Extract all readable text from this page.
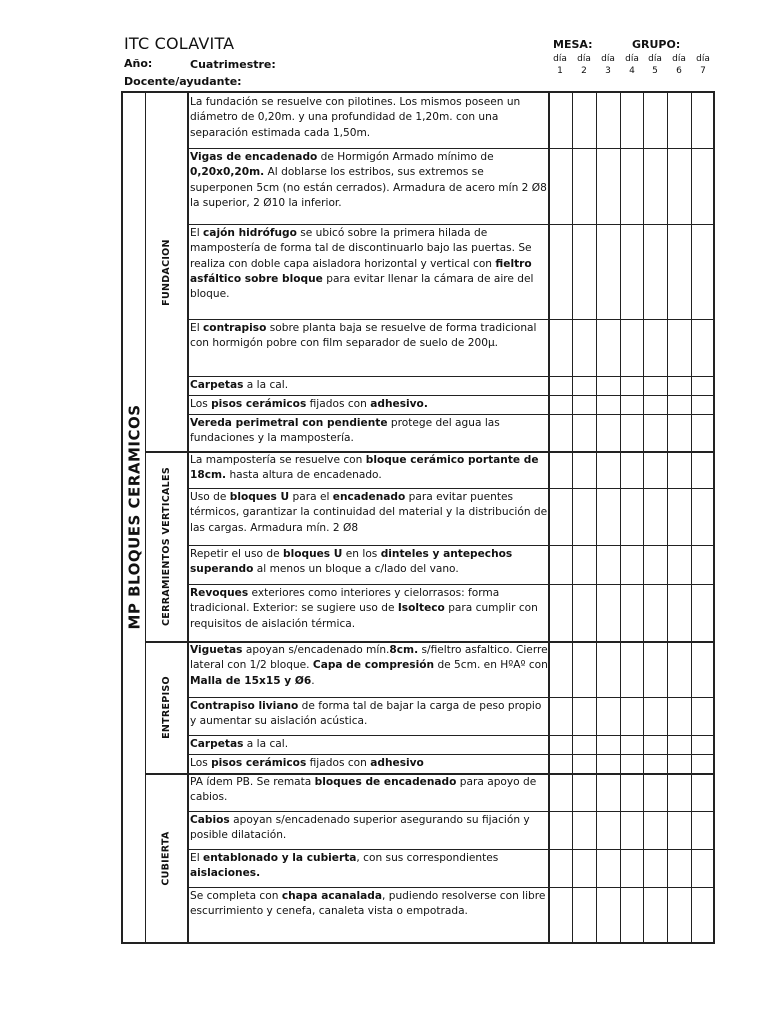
ITC COLAVITA
Año:	Cuatrimestre:
Docente/ayudante:
MESA:	GRUPO:
día
1
día
2
día
3
día
4
día
5
día
6
día
7
MP BLOQUES CERAMICOS
FUNDACION
CERRAMIENTOS VERTICALES
ENTREPISO
CUBIERTA
La fundación se resuelve con pilotines. Los mismos poseen un diámetro de 0,20m. y una profundidad de 1,20m. con una separación estimada cada 1,50m.
Vigas de encadenado de Hormigón Armado mínimo de 0,20x0,20m. Al doblarse los estribos, sus extremos se superponen 5cm (no están cerrados). Armadura de acero mín 2 Ø8 la superior, 2 Ø10 la inferior.
El cajón hidrófugo se ubicó sobre la primera hilada de mampostería de forma tal de discontinuarlo bajo las puertas. Se realiza con doble capa aisladora horizontal y vertical con fieltro asfáltico sobre bloque para evitar llenar la cámara de aire del bloque.
El contrapiso sobre planta baja se resuelve de forma tradicional con hormigón pobre con film separador de suelo de 200µ.
Carpetas a la cal.
Los pisos cerámicos fijados con adhesivo.
Vereda perimetral con pendiente protege del agua las fundaciones y la mampostería.
La mampostería se resuelve con bloque cerámico portante de 18cm. hasta altura de encadenado.
Uso de bloques U para el encadenado para evitar puentes térmicos, garantizar la continuidad del material y la distribución de las cargas. Armadura mín. 2 Ø8
Repetir el uso de bloques U en los dinteles y antepechos superando al menos un bloque a c/lado del vano.
Revoques exteriores como interiores y cielorrasos: forma tradicional. Exterior: se sugiere uso de Isolteco para cumplir con requisitos de aislación térmica.
Viguetas apoyan s/encadenado mín.8cm. s/fieltro asfaltico. Cierre lateral con 1/2 bloque. Capa de compresión de 5cm. en HºAº con Malla de 15x15 y Ø6.
Contrapiso liviano de forma tal de bajar la carga de peso propio y aumentar su aislación acústica.
Carpetas a la cal.
Los pisos cerámicos fijados con adhesivo
PA ídem PB. Se remata bloques de encadenado para apoyo de cabios.
Cabios apoyan s/encadenado superior asegurando su fijación y posible dilatación.
El entablonado y la cubierta, con sus correspondientes aislaciones.
Se completa con chapa acanalada, pudiendo resolverse con libre escurrimiento y cenefa, canaleta vista o empotrada.
